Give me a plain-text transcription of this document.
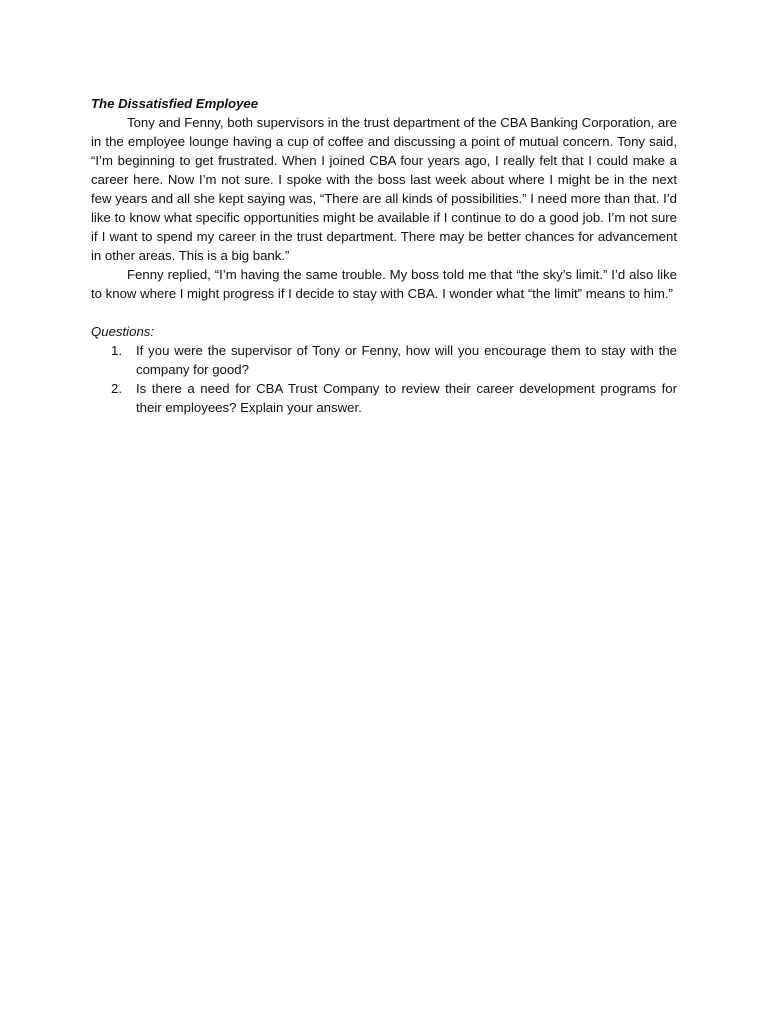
The Dissatisfied Employee

Tony and Fenny, both supervisors in the trust department of the CBA Banking Corporation, are in the employee lounge having a cup of coffee and discussing a point of mutual concern. Tony said, “I’m beginning to get frustrated. When I joined CBA four years ago, I really felt that I could make a career here. Now I’m not sure. I spoke with the boss last week about where I might be in the next few years and all she kept saying was, “There are all kinds of possibilities.” I need more than that. I’d like to know what specific opportunities might be available if I continue to do a good job. I’m not sure if I want to spend my career in the trust department. There may be better chances for advancement in other areas. This is a big bank.”

Fenny replied, “I’m having the same trouble. My boss told me that “the sky’s limit.” I’d also like to know where I might progress if I decide to stay with CBA. I wonder what “the limit” means to him.”

Questions:

1. If you were the supervisor of Tony or Fenny, how will you encourage them to stay with the company for good?
2. Is there a need for CBA Trust Company to review their career development programs for their employees? Explain your answer.
